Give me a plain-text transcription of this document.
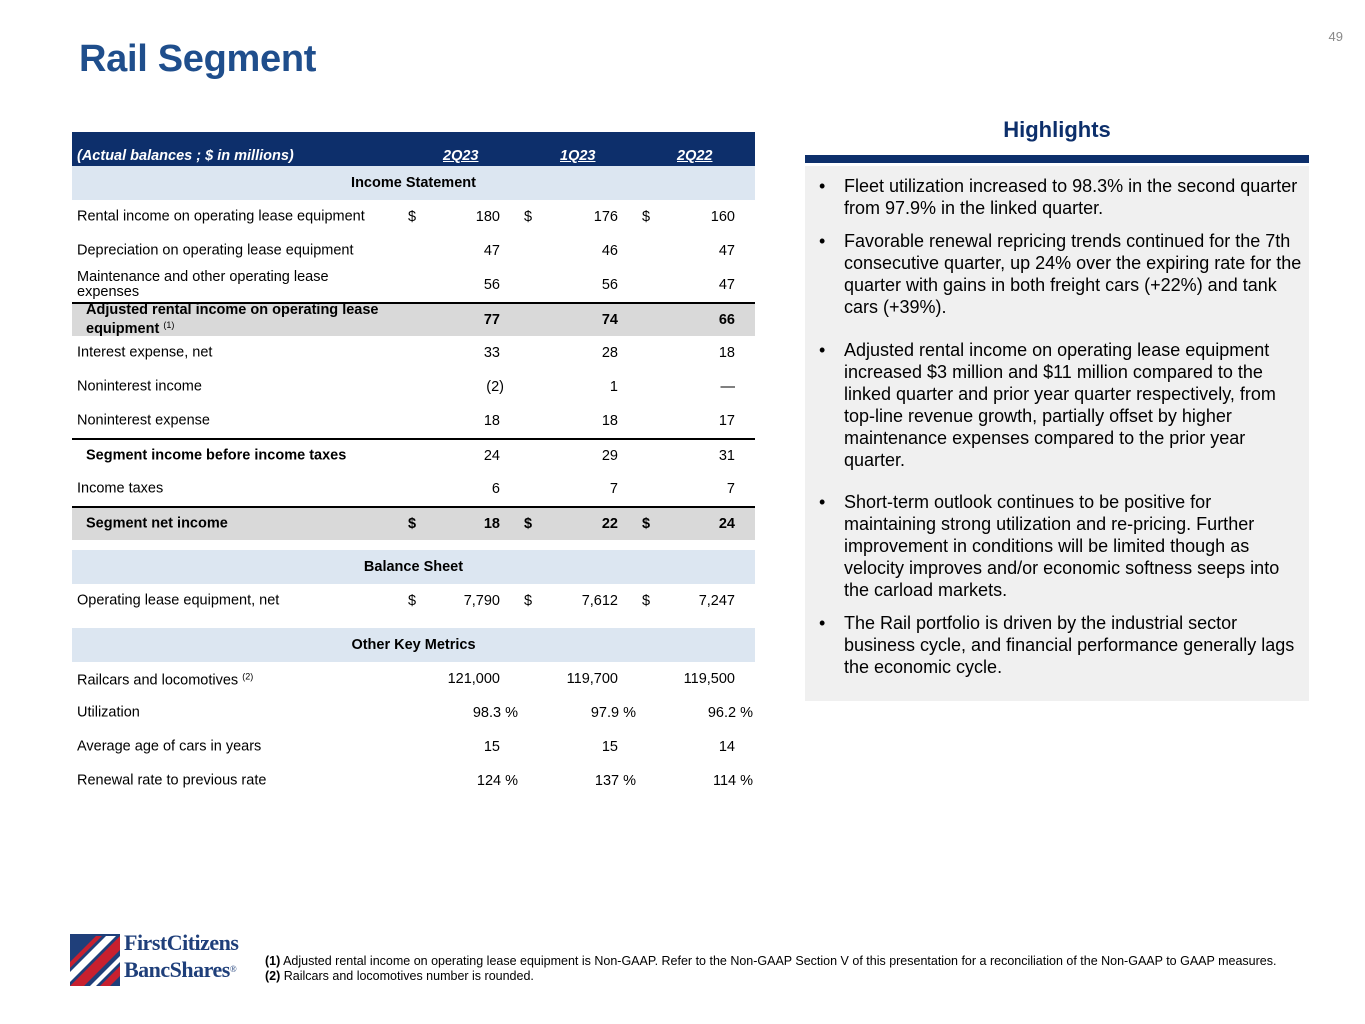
49
Rail Segment
(Actual balances ; $ in millions)	2Q23	1Q23	2Q22
Income Statement
Rental income on operating lease equipment	$	180 $	176 $	160
Depreciation on operating lease equipment	47	46	47
Maintenance and other operating lease expenses	56	56	47
Adjusted rental income on operating lease equipment $^{(1)}$	77	74	66
Interest expense, net	33	28	18
Noninterest income	(2)	1	—
Noninterest expense	18	18	17
Segment income before income taxes	24	29	31
Income taxes	6	7	7
Segment net income	$	18 $	22 $	24
Balance Sheet
Operating lease equipment, net	$	7,790 $	7,612 $	7,247
Other Key Metrics
Railcars and locomotives $^{(2)}$	121,000	119,700	119,500
Utilization	98.3 %	97.9 %	96.2 %
Average age of cars in years	15	15	14
Renewal rate to previous rate	124 %	137 %	114 %
Highlights
• Fleet utilization increased to 98.3% in the second quarter from 97.9% in the linked quarter.
• Favorable renewal repricing trends continued for the 7th consecutive quarter, up 24% over the expiring rate for the quarter with gains in both freight cars (+22%) and tank cars (+39%).
• Adjusted rental income on operating lease equipment increased $3 million and $11 million compared to the linked quarter and prior year quarter respectively, from top-line revenue growth, partially offset by higher maintenance expenses compared to the prior year quarter.
• Short-term outlook continues to be positive for maintaining strong utilization and re-pricing. Further improvement in conditions will be limited though as velocity improves and/or economic softness seeps into the carload markets.
• The Rail portfolio is driven by the industrial sector business cycle, and financial performance generally lags the economic cycle.
FirstCitizens
BancShares®
(1) Adjusted rental income on operating lease equipment is Non-GAAP. Refer to the Non-GAAP Section V of this presentation for a reconciliation of the Non-GAAP to GAAP measures.
(2) Railcars and locomotives number is rounded.
